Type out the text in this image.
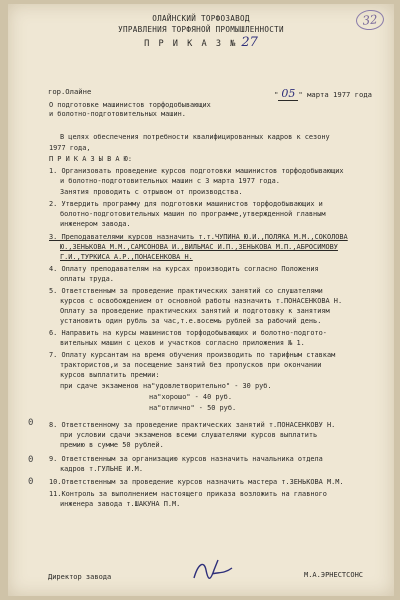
32
ОЛАЙНСКИЙ ТОРФОЗАВОД
УПРАВЛЕНИЯ ТОРФЯНОЙ ПРОМЫШЛЕННОСТИ
П Р И К А З № 27
гор.Олайне	" 05 " марта 1977 года
О подготовке машинистов торфодобывающих
и болотно-подготовительных машин.
В целях обеспечения потребности квалифицированных кадров к сезону
1977 года,
П Р И К А З Ы В А Ю:
1. Организовать проведение курсов подготовки машинистов торфодобывающих
и болотно-подготовительных машин с 3 марта 1977 года.
Занятия проводить с отрывом от производства.
2. Утвердить программу для подготовки машинистов торфодобывающих и
болотно-подготовительных машин по программе,утвержденной главным
инженером завода.
3. Преподавателями курсов назначить т.т.ЧУПИНА Ю.И.,ПОЛЯКА М.М.,СОКОЛОВА
Ю.,ЗЕНЬКОВА М.М.,САМСОНОВА И.,ВИЛЬМАС И.П.,ЗЕНЬКОВА М.П.,АБРОСИМОВУ
Г.И.,ТУРКИСА А.Р.,ПОНАСЕНКОВА Н.
4. Оплату преподавателям на курсах производить согласно Положения
оплаты труда.
5. Ответственным за проведение практических занятий со слушателями
курсов с освобождением от основной работы назначить т.ПОНАСЕНКОВА Н.
Оплату за проведение практических занятий и подготовку к занятиям
установить один рубль за час,т.е.восемь рублей за рабочий день.
6. Направить на курсы машинистов торфодобывающих и болотно-подгото-
вительных машин с цехов и участков согласно приложения № 1.
7. Оплату курсантам на время обучения производить по тарифным ставкам
трактористов,и за посещение занятий без пропусков при окончании
курсов выплатить премии:
при сдаче экзаменов на"удовлетворительно" - 30 руб.
на"хорошо" - 40 руб.
на"отлично" - 50 руб.
0 8. Ответственному за проведение практических занятий т.ПОНАСЕНКОВУ Н.
при условии сдачи экзаменов всеми слушателями курсов выплатить
премию в сумме 50 рублей.
0 9. Ответственным за организацию курсов назначить начальника отдела
кадров т.ГУЛЬНЕ И.М.
0 10.Ответственным за проведение курсов назначить мастера т.ЗЕНЬКОВА М.М.
11.Контроль за выполнением настоящего приказа возложить на главного
инженера завода т.ШАКУНА П.М.
Директор завода	М.А.ЭРНЕСТСОНС
